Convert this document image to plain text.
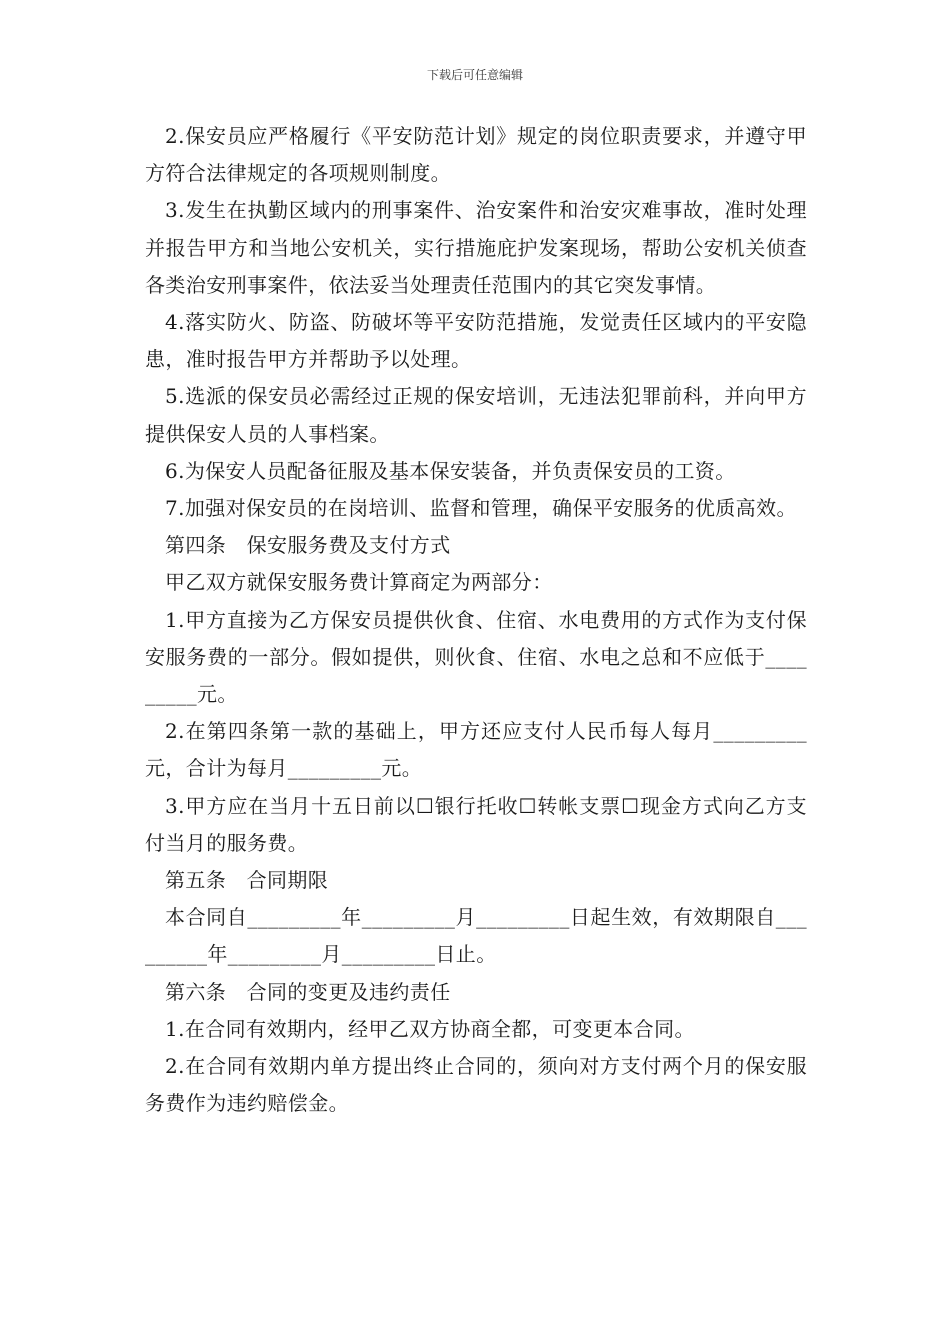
下载后可任意编辑

2.保安员应严格履行《平安防范计划》规定的岗位职责要求，并遵守甲方符合法律规定的各项规则制度。

3.发生在执勤区域内的刑事案件、治安案件和治安灾难事故，准时处理并报告甲方和当地公安机关，实行措施庇护发案现场，帮助公安机关侦查各类治安刑事案件，依法妥当处理责任范围内的其它突发事情。

4.落实防火、防盗、防破坏等平安防范措施，发觉责任区域内的平安隐患，准时报告甲方并帮助予以处理。

5.选派的保安员必需经过正规的保安培训，无违法犯罪前科，并向甲方提供保安人员的人事档案。

6.为保安人员配备征服及基本保安装备，并负责保安员的工资。

7.加强对保安员的在岗培训、监督和管理，确保平安服务的优质高效。

第四条　保安服务费及支付方式

甲乙双方就保安服务费计算商定为两部分：

1.甲方直接为乙方保安员提供伙食、住宿、水电费用的方式作为支付保安服务费的一部分。假如提供，则伙食、住宿、水电之总和不应低于_________元。

2.在第四条第一款的基础上，甲方还应支付人民币每人每月_________元，合计为每月_________元。

3.甲方应在当月十五日前以☐银行托收☐转帐支票☐现金方式向乙方支付当月的服务费。

第五条　合同期限

本合同自_________年_________月_________日起生效，有效期限自_________年_________月_________日止。

第六条　合同的变更及违约责任

1.在合同有效期内，经甲乙双方协商全都，可变更本合同。

2.在合同有效期内单方提出终止合同的，须向对方支付两个月的保安服务费作为违约赔偿金。
